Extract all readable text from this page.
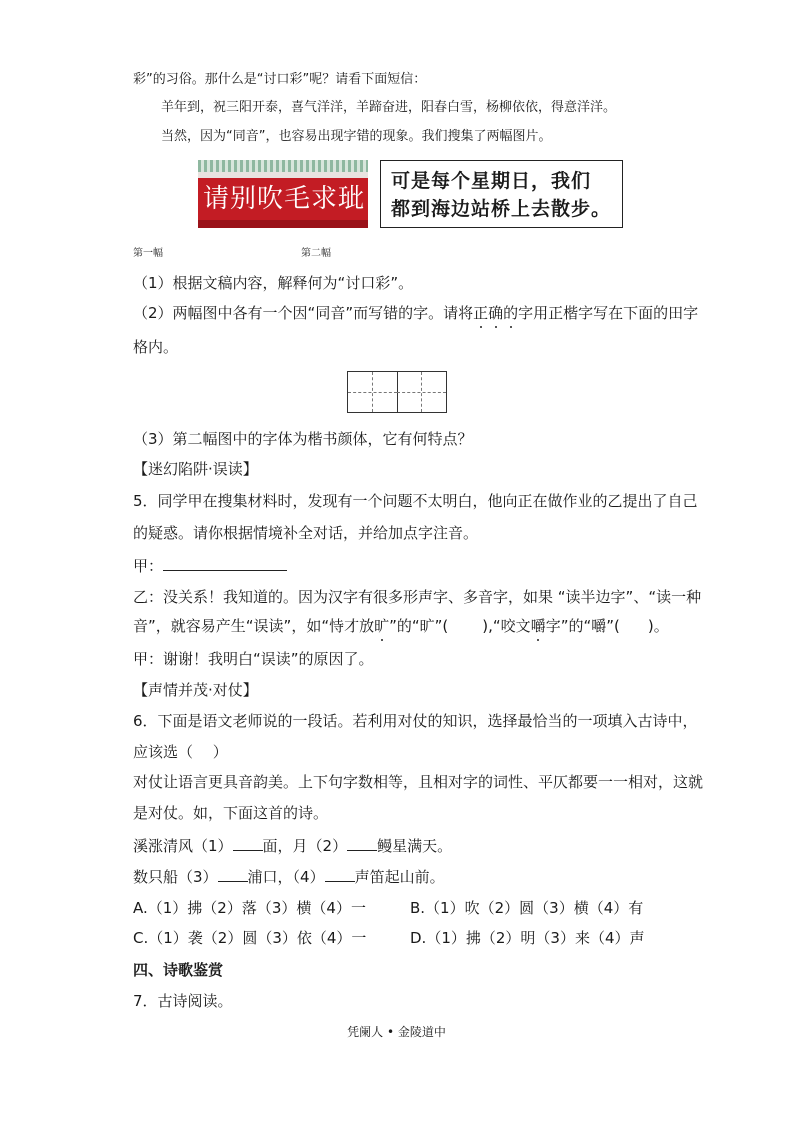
彩”的习俗。那什么是“讨口彩”呢？请看下面短信：
羊年到，祝三阳开泰，喜气洋洋，羊蹄奋进，阳春白雪，杨柳依依，得意洋洋。
当然，因为“同音”，也容易出现字错的现象。我们搜集了两幅图片。
请别吹毛求玼
可是每个星期日，我们
都到海边站桥上去散步。
第一幅	第二幅
（1）根据文稿内容，解释何为“讨口彩”。
（2）两幅图中各有一个因“同音”而写错的字。请将正确的字用正楷字写在下面的田字
格内。
（3）第二幅图中的字体为楷书颜体，它有何特点？
【迷幻陷阱·误读】
5．同学甲在搜集材料时，发现有一个问题不太明白，他向正在做作业的乙提出了自己
的疑惑。请你根据情境补全对话，并给加点字注音。
甲：
乙：没关系！我知道的。因为汉字有很多形声字、多音字，如果 “读半边字”、“读一种
音”，就容易产生“误读”，如“恃才放旷”的“旷”( ),“咬文嚼字”的“嚼”( )。
甲：谢谢！我明白“误读”的原因了。
【声情并茂·对仗】
6．下面是语文老师说的一段话。若利用对仗的知识，选择最恰当的一项填入古诗中，
应该选（　 ）
对仗让语言更具音韵美。上下句字数相等，且相对字的词性、平仄都要一一相对，这就
是对仗。如，下面这首的诗。
溪涨清风（1） 面，月（2） 鳗星满天。
数只船（3） 浦口，（4） 声笛起山前。
A.（1）拂（2）落（3）横（4）一	B.（1）吹（2）圆（3）横（4）有
C.（1）袭（2）圆（3）依（4）一	D.（1）拂（2）明（3）来（4）声
四、诗歌鉴赏
7．古诗阅读。
凭阑人 • 金陵道中
